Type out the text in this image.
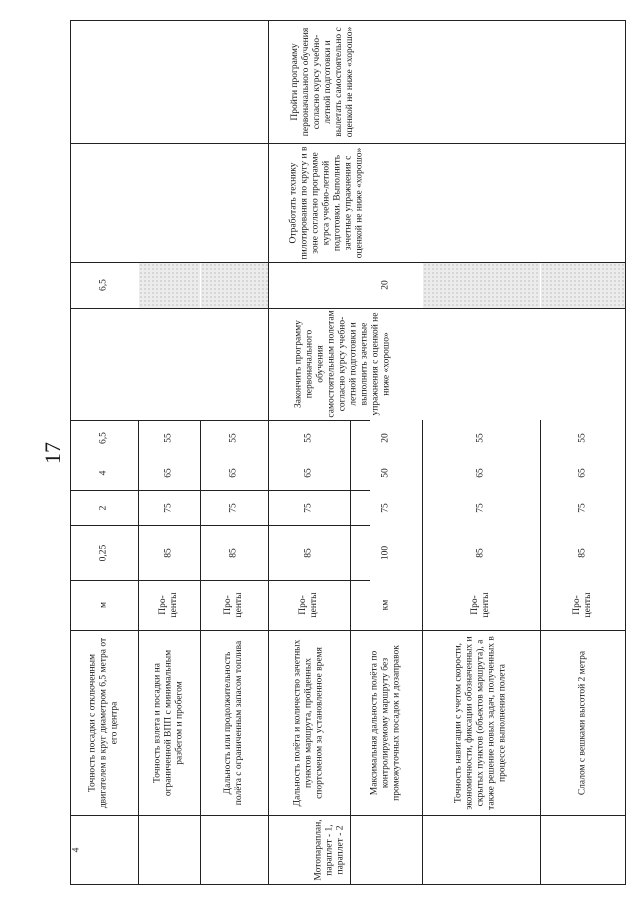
17
4	Мотопараплан, параплет - 1, параплет - 2
Точность посадки с отключенным двигателем в круг диаметром 6,5 метра от его центра
м
0,25
2
4
6,5
6,5
Точность взлета и посадки на ограниченной ВПП с минимальным разбегом и пробегом
Про-
центы
85
75
65
55
Дальность или продолжительность полёта с ограниченным запасом топлива
Про-
центы
85
75
65
55
Дальность полёта и количество зачетных пунктов маршрута, пройденных спортсменом за установленное время
Про-
центы
85
75
65
55
Максимальная дальность полёта по контролируемому маршруту без промежуточных посадок и дозаправок
км
100
75
50
20
20
Точность навигации с учетом скорости, экономичности, фиксации обозначенных и скрытых пунктов (объектов маршрута), а также решение новых задач, полученных в процессе выполнения полета
Про-
центы
85
75
65
55
Слалом с вешками высотой 2 метра
Про-
центы
85
75
65
55
Закончить программу первоначального обучения самостоятельным полетам согласно курсу учебно-летной подготовки и выполнить зачетные упражнения с оценкой не ниже «хорошо»
Отработать технику пилотирования по кругу и в зоне согласно программе курса учебно-летной подготовки. Выполнить зачетные упражнения с оценкой не ниже «хорошо»
Пройти программу первоначального обучения согласно курсу учебно-летной подготовки и вылетать самостоятельно с оценкой не ниже «хорошо»
